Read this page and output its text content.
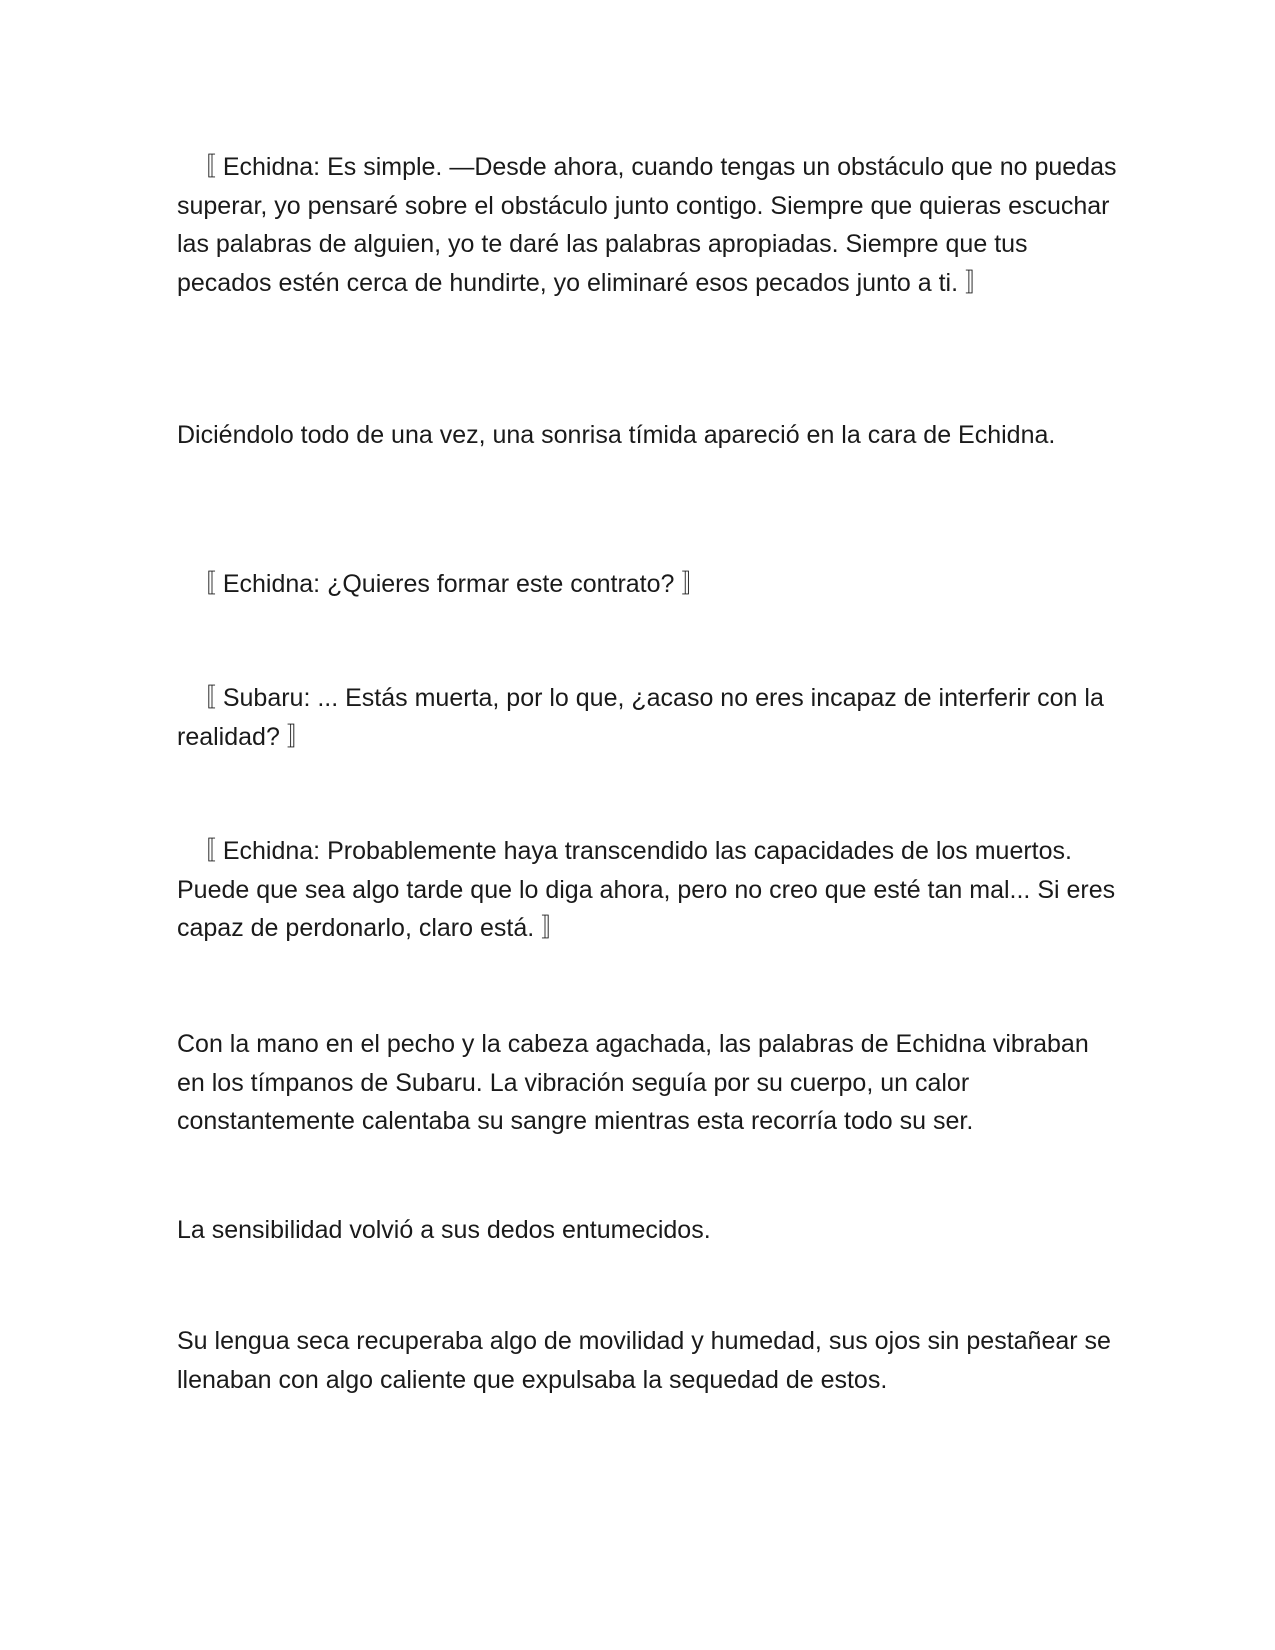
〚 Echidna: Es simple. —Desde ahora, cuando tengas un obstáculo que no puedas superar, yo pensaré sobre el obstáculo junto contigo. Siempre que quieras escuchar las palabras de alguien, yo te daré las palabras apropiadas. Siempre que tus pecados estén cerca de hundirte, yo eliminaré esos pecados junto a ti. 〛

Diciéndolo todo de una vez, una sonrisa tímida apareció en la cara de Echidna.

〚 Echidna: ¿Quieres formar este contrato? 〛

〚 Subaru: ... Estás muerta, por lo que, ¿acaso no eres incapaz de interferir con la realidad? 〛

〚 Echidna: Probablemente haya transcendido las capacidades de los muertos. Puede que sea algo tarde que lo diga ahora, pero no creo que esté tan mal... Si eres capaz de perdonarlo, claro está. 〛

Con la mano en el pecho y la cabeza agachada, las palabras de Echidna vibraban en los tímpanos de Subaru. La vibración seguía por su cuerpo, un calor constantemente calentaba su sangre mientras esta recorría todo su ser.

La sensibilidad volvió a sus dedos entumecidos.

Su lengua seca recuperaba algo de movilidad y humedad, sus ojos sin pestañear se llenaban con algo caliente que expulsaba la sequedad de estos.
